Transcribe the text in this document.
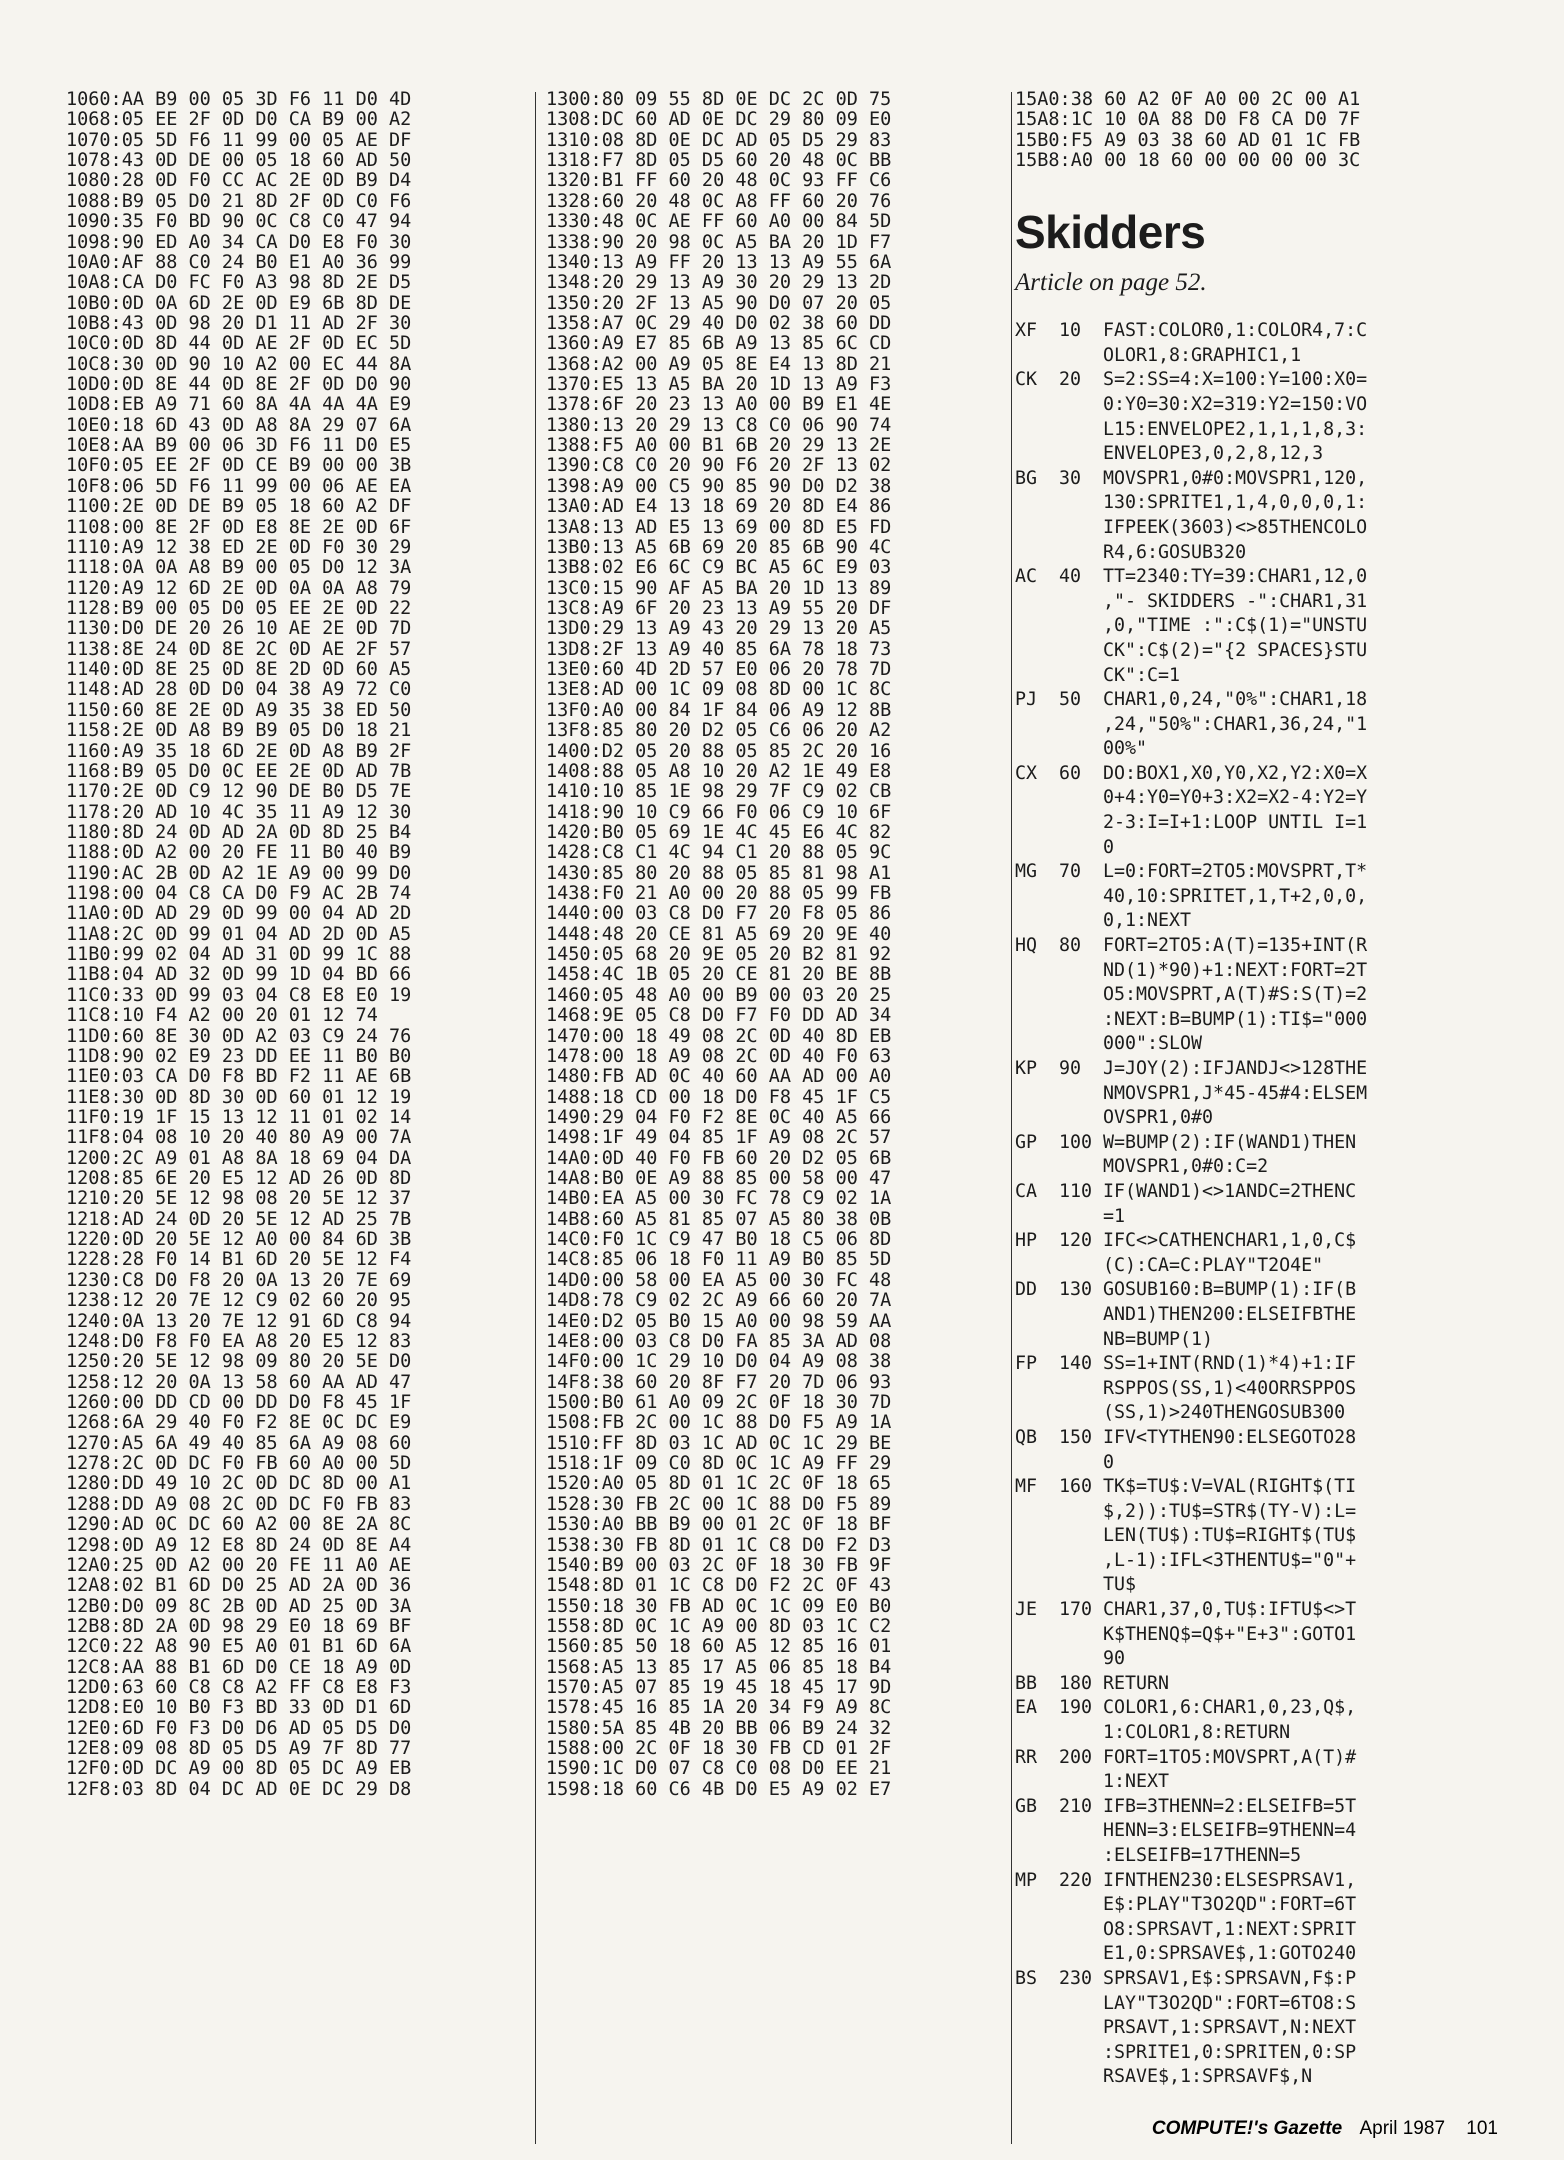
1060:AA B9 00 05 3D F6 11 D0 4D
1068:05 EE 2F 0D D0 CA B9 00 A2
1070:05 5D F6 11 99 00 05 AE DF
1078:43 0D DE 00 05 18 60 AD 50
1080:28 0D F0 CC AC 2E 0D B9 D4
1088:B9 05 D0 21 8D 2F 0D C0 F6
1090:35 F0 BD 90 0C C8 C0 47 94
1098:90 ED A0 34 CA D0 E8 F0 30
10A0:AF 88 C0 24 B0 E1 A0 36 99
10A8:CA D0 FC F0 A3 98 8D 2E D5
10B0:0D 0A 6D 2E 0D E9 6B 8D DE
10B8:43 0D 98 20 D1 11 AD 2F 30
10C0:0D 8D 44 0D AE 2F 0D EC 5D
10C8:30 0D 90 10 A2 00 EC 44 8A
10D0:0D 8E 44 0D 8E 2F 0D D0 90
10D8:EB A9 71 60 8A 4A 4A 4A E9
10E0:18 6D 43 0D A8 8A 29 07 6A
10E8:AA B9 00 06 3D F6 11 D0 E5
10F0:05 EE 2F 0D CE B9 00 00 3B
10F8:06 5D F6 11 99 00 06 AE EA
1100:2E 0D DE B9 05 18 60 A2 DF
1108:00 8E 2F 0D E8 8E 2E 0D 6F
1110:A9 12 38 ED 2E 0D F0 30 29
1118:0A 0A A8 B9 00 05 D0 12 3A
1120:A9 12 6D 2E 0D 0A 0A A8 79
1128:B9 00 05 D0 05 EE 2E 0D 22
1130:D0 DE 20 26 10 AE 2E 0D 7D
1138:8E 24 0D 8E 2C 0D AE 2F 57
1140:0D 8E 25 0D 8E 2D 0D 60 A5
1148:AD 28 0D D0 04 38 A9 72 C0
1150:60 8E 2E 0D A9 35 38 ED 50
1158:2E 0D A8 B9 B9 05 D0 18 21
1160:A9 35 18 6D 2E 0D A8 B9 2F
1168:B9 05 D0 0C EE 2E 0D AD 7B
1170:2E 0D C9 12 90 DE B0 D5 7E
1178:20 AD 10 4C 35 11 A9 12 30
1180:8D 24 0D AD 2A 0D 8D 25 B4
1188:0D A2 00 20 FE 11 B0 40 B9
1190:AC 2B 0D A2 1E A9 00 99 D0
1198:00 04 C8 CA D0 F9 AC 2B 74
11A0:0D AD 29 0D 99 00 04 AD 2D
11A8:2C 0D 99 01 04 AD 2D 0D A5
11B0:99 02 04 AD 31 0D 99 1C 88
11B8:04 AD 32 0D 99 1D 04 BD 66
11C0:33 0D 99 03 04 C8 E8 E0 19
11C8:10 F4 A2 00 20 01 12 74
11D0:60 8E 30 0D A2 03 C9 24 76
11D8:90 02 E9 23 DD EE 11 B0 B0
11E0:03 CA D0 F8 BD F2 11 AE 6B
11E8:30 0D 8D 30 0D 60 01 12 19
11F0:19 1F 15 13 12 11 01 02 14
11F8:04 08 10 20 40 80 A9 00 7A
1200:2C A9 01 A8 8A 18 69 04 DA
1208:85 6E 20 E5 12 AD 26 0D 8D
1210:20 5E 12 98 08 20 5E 12 37
1218:AD 24 0D 20 5E 12 AD 25 7B
1220:0D 20 5E 12 A0 00 84 6D 3B
1228:28 F0 14 B1 6D 20 5E 12 F4
1230:C8 D0 F8 20 0A 13 20 7E 69
1238:12 20 7E 12 C9 02 60 20 95
1240:0A 13 20 7E 12 91 6D C8 94
1248:D0 F8 F0 EA A8 20 E5 12 83
1250:20 5E 12 98 09 80 20 5E D0
1258:12 20 0A 13 58 60 AA AD 47
1260:00 DD CD 00 DD D0 F8 45 1F
1268:6A 29 40 F0 F2 8E 0C DC E9
1270:A5 6A 49 40 85 6A A9 08 60
1278:2C 0D DC F0 FB 60 A0 00 5D
1280:DD 49 10 2C 0D DC 8D 00 A1
1288:DD A9 08 2C 0D DC F0 FB 83
1290:AD 0C DC 60 A2 00 8E 2A 8C
1298:0D A9 12 E8 8D 24 0D 8E A4
12A0:25 0D A2 00 20 FE 11 A0 AE
12A8:02 B1 6D D0 25 AD 2A 0D 36
12B0:D0 09 8C 2B 0D AD 25 0D 3A
12B8:8D 2A 0D 98 29 E0 18 69 BF
12C0:22 A8 90 E5 A0 01 B1 6D 6A
12C8:AA 88 B1 6D D0 CE 18 A9 0D
12D0:63 60 C8 C8 A2 FF C8 E8 F3
12D8:E0 10 B0 F3 BD 33 0D D1 6D
12E0:6D F0 F3 D0 D6 AD 05 D5 D0
12E8:09 08 8D 05 D5 A9 7F 8D 77
12F0:0D DC A9 00 8D 05 DC A9 EB
12F8:03 8D 04 DC AD 0E DC 29 D8
1300:80 09 55 8D 0E DC 2C 0D 75
1308:DC 60 AD 0E DC 29 80 09 E0
1310:08 8D 0E DC AD 05 D5 29 83
1318:F7 8D 05 D5 60 20 48 0C BB
1320:B1 FF 60 20 48 0C 93 FF C6
1328:60 20 48 0C A8 FF 60 20 76
1330:48 0C AE FF 60 A0 00 84 5D
1338:90 20 98 0C A5 BA 20 1D F7
1340:13 A9 FF 20 13 13 A9 55 6A
1348:20 29 13 A9 30 20 29 13 2D
1350:20 2F 13 A5 90 D0 07 20 05
1358:A7 0C 29 40 D0 02 38 60 DD
1360:A9 E7 85 6B A9 13 85 6C CD
1368:A2 00 A9 05 8E E4 13 8D 21
1370:E5 13 A5 BA 20 1D 13 A9 F3
1378:6F 20 23 13 A0 00 B9 E1 4E
1380:13 20 29 13 C8 C0 06 90 74
1388:F5 A0 00 B1 6B 20 29 13 2E
1390:C8 C0 20 90 F6 20 2F 13 02
1398:A9 00 C5 90 85 90 D0 D2 38
13A0:AD E4 13 18 69 20 8D E4 86
13A8:13 AD E5 13 69 00 8D E5 FD
13B0:13 A5 6B 69 20 85 6B 90 4C
13B8:02 E6 6C C9 BC A5 6C E9 03
13C0:15 90 AF A5 BA 20 1D 13 89
13C8:A9 6F 20 23 13 A9 55 20 DF
13D0:29 13 A9 43 20 29 13 20 A5
13D8:2F 13 A9 40 85 6A 78 18 73
13E0:60 4D 2D 57 E0 06 20 78 7D
13E8:AD 00 1C 09 08 8D 00 1C 8C
13F0:A0 00 84 1F 84 06 A9 12 8B
13F8:85 80 20 D2 05 C6 06 20 A2
1400:D2 05 20 88 05 85 2C 20 16
1408:88 05 A8 10 20 A2 1E 49 E8
1410:10 85 1E 98 29 7F C9 02 CB
1418:90 10 C9 66 F0 06 C9 10 6F
1420:B0 05 69 1E 4C 45 E6 4C 82
1428:C8 C1 4C 94 C1 20 88 05 9C
1430:85 80 20 88 05 85 81 98 A1
1438:F0 21 A0 00 20 88 05 99 FB
1440:00 03 C8 D0 F7 20 F8 05 86
1448:48 20 CE 81 A5 69 20 9E 40
1450:05 68 20 9E 05 20 B2 81 92
1458:4C 1B 05 20 CE 81 20 BE 8B
1460:05 48 A0 00 B9 00 03 20 25
1468:9E 05 C8 D0 F7 F0 DD AD 34
1470:00 18 49 08 2C 0D 40 8D EB
1478:00 18 A9 08 2C 0D 40 F0 63
1480:FB AD 0C 40 60 AA AD 00 A0
1488:18 CD 00 18 D0 F8 45 1F C5
1490:29 04 F0 F2 8E 0C 40 A5 66
1498:1F 49 04 85 1F A9 08 2C 57
14A0:0D 40 F0 FB 60 20 D2 05 6B
14A8:B0 0E A9 88 85 00 58 00 47
14B0:EA A5 00 30 FC 78 C9 02 1A
14B8:60 A5 81 85 07 A5 80 38 0B
14C0:F0 1C C9 47 B0 18 C5 06 8D
14C8:85 06 18 F0 11 A9 B0 85 5D
14D0:00 58 00 EA A5 00 30 FC 48
14D8:78 C9 02 2C A9 66 60 20 7A
14E0:D2 05 B0 15 A0 00 98 59 AA
14E8:00 03 C8 D0 FA 85 3A AD 08
14F0:00 1C 29 10 D0 04 A9 08 38
14F8:38 60 20 8F F7 20 7D 06 93
1500:B0 61 A0 09 2C 0F 18 30 7D
1508:FB 2C 00 1C 88 D0 F5 A9 1A
1510:FF 8D 03 1C AD 0C 1C 29 BE
1518:1F 09 C0 8D 0C 1C A9 FF 29
1520:A0 05 8D 01 1C 2C 0F 18 65
1528:30 FB 2C 00 1C 88 D0 F5 89
1530:A0 BB B9 00 01 2C 0F 18 BF
1538:30 FB 8D 01 1C C8 D0 F2 D3
1540:B9 00 03 2C 0F 18 30 FB 9F
1548:8D 01 1C C8 D0 F2 2C 0F 43
1550:18 30 FB AD 0C 1C 09 E0 B0
1558:8D 0C 1C A9 00 8D 03 1C C2
1560:85 50 18 60 A5 12 85 16 01
1568:A5 13 85 17 A5 06 85 18 B4
1570:A5 07 85 19 45 18 45 17 9D
1578:45 16 85 1A 20 34 F9 A9 8C
1580:5A 85 4B 20 BB 06 B9 24 32
1588:00 2C 0F 18 30 FB CD 01 2F
1590:1C D0 07 C8 C0 08 D0 EE 21
1598:18 60 C6 4B D0 E5 A9 02 E7
15A0:38 60 A2 0F A0 00 2C 00 A1
15A8:1C 10 0A 88 D0 F8 CA D0 7F
15B0:F5 A9 03 38 60 AD 01 1C FB
15B8:A0 00 18 60 00 00 00 00 3C
Skidders
Article on page 52.
XF	10	FAST:COLOR0,1:COLOR4,7:C
OLOR1,8:GRAPHIC1,1
CK	20	S=2:SS=4:X=100:Y=100:X0=
0:Y0=30:X2=319:Y2=150:VO
L15:ENVELOPE2,1,1,1,8,3:
ENVELOPE3,0,2,8,12,3
BG	30	MOVSPR1,0#0:MOVSPR1,120,
130:SPRITE1,1,4,0,0,0,1:
IFPEEK(3603)<>85THENCOLO
R4,6:GOSUB320
AC	40	TT=2340:TY=39:CHAR1,12,0
,"- SKIDDERS -":CHAR1,31
,0,"TIME :":C$(1)="UNSTU
CK":C$(2)="{2 SPACES}STU
CK":C=1
PJ	50	CHAR1,0,24,"0%":CHAR1,18
,24,"50%":CHAR1,36,24,"1
00%"
CX	60	DO:BOX1,X0,Y0,X2,Y2:X0=X
0+4:Y0=Y0+3:X2=X2-4:Y2=Y
2-3:I=I+1:LOOP UNTIL I=1
0
MG	70	L=0:FORT=2TO5:MOVSPRT,T*
40,10:SPRITET,1,T+2,0,0,
0,1:NEXT
HQ	80	FORT=2TO5:A(T)=135+INT(R
ND(1)*90)+1:NEXT:FORT=2T
O5:MOVSPRT,A(T)#S:S(T)=2
:NEXT:B=BUMP(1):TI$="000
000":SLOW
KP	90	J=JOY(2):IFJANDJ<>128THE
NMOVSPR1,J*45-45#4:ELSEM
OVSPR1,0#0
GP	100 W=BUMP(2):IF(WAND1)THEN
MOVSPR1,0#0:C=2
CA	110 IF(WAND1)<>1ANDC=2THENC
=1
HP	120 IFC<>CATHENCHAR1,1,0,C$
(C):CA=C:PLAY"T2O4E"
DD	130 GOSUB160:B=BUMP(1):IF(B
AND1)THEN200:ELSEIFBTHE
NB=BUMP(1)
FP	140 SS=1+INT(RND(1)*4)+1:IF
RSPPOS(SS,1)<40ORRSPPOS
(SS,1)>240THENGOSUB300
QB	150 IFV<TYTHEN90:ELSEGOTO28
0
MF	160 TK$=TU$:V=VAL(RIGHT$(TI
$,2)):TU$=STR$(TY-V):L=
LEN(TU$):TU$=RIGHT$(TU$
,L-1):IFL<3THENTU$="0"+
TU$
JE	170 CHAR1,37,0,TU$:IFTU$<>T
K$THENQ$=Q$+"E+3":GOTO1
90
BB	180 RETURN
EA	190 COLOR1,6:CHAR1,0,23,Q$,
1:COLOR1,8:RETURN
RR	200 FORT=1TO5:MOVSPRT,A(T)#
1:NEXT
GB	210 IFB=3THENN=2:ELSEIFB=5T
HENN=3:ELSEIFB=9THENN=4
:ELSEIFB=17THENN=5
MP	220 IFNTHEN230:ELSESPRSAV1,
E$:PLAY"T3O2QD":FORT=6T
O8:SPRSAVT,1:NEXT:SPRIT
E1,0:SPRSAVE$,1:GOTO240
BS	230 SPRSAV1,E$:SPRSAVN,F$:P
LAY"T3O2QD":FORT=6TO8:S
PRSAVT,1:SPRSAVT,N:NEXT
:SPRITE1,0:SPRITEN,0:SP
RSAVE$,1:SPRSAVF$,N
COMPUTE!'s Gazette April 1987 101
